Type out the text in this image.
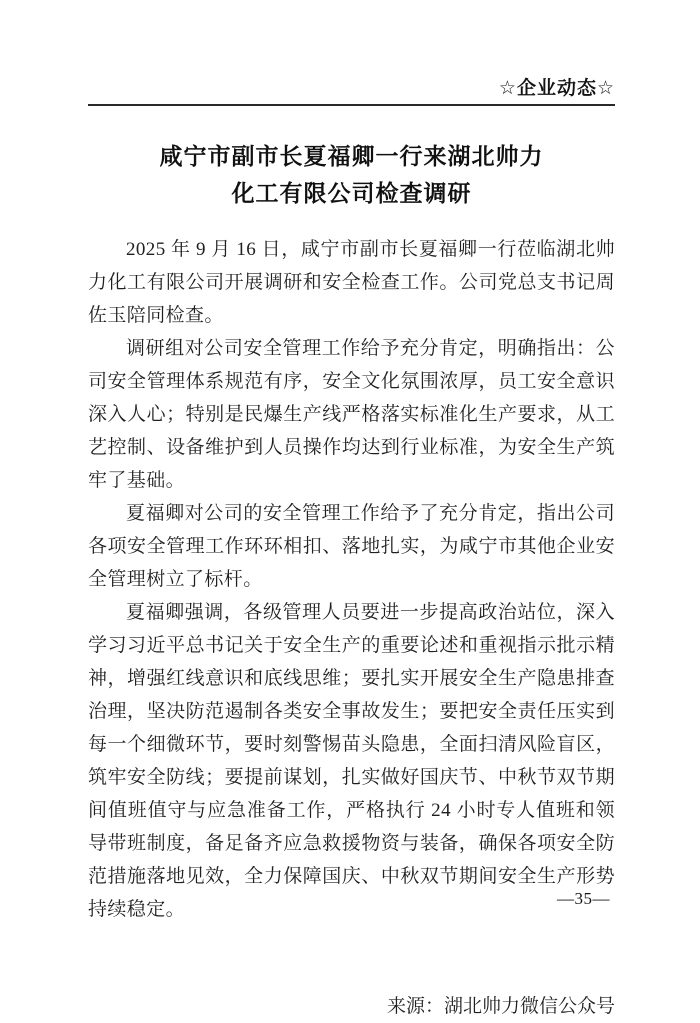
☆企业动态☆
咸宁市副市长夏福卿一行来湖北帅力
化工有限公司检查调研

2025 年 9 月 16 日，咸宁市副市长夏福卿一行莅临湖北帅力化工有限公司开展调研和安全检查工作。公司党总支书记周佐玉陪同检查。

调研组对公司安全管理工作给予充分肯定，明确指出：公司安全管理体系规范有序，安全文化氛围浓厚，员工安全意识深入人心；特别是民爆生产线严格落实标准化生产要求，从工艺控制、设备维护到人员操作均达到行业标准，为安全生产筑牢了基础。

夏福卿对公司的安全管理工作给予了充分肯定，指出公司各项安全管理工作环环相扣、落地扎实，为咸宁市其他企业安全管理树立了标杆。

夏福卿强调，各级管理人员要进一步提高政治站位，深入学习习近平总书记关于安全生产的重要论述和重视指示批示精神，增强红线意识和底线思维；要扎实开展安全生产隐患排查治理，坚决防范遏制各类安全事故发生；要把安全责任压实到每一个细微环节，要时刻警惕苗头隐患，全面扫清风险盲区，筑牢安全防线；要提前谋划，扎实做好国庆节、中秋节双节期间值班值守与应急准备工作，严格执行 24 小时专人值班和领导带班制度，备足备齐应急救援物资与装备，确保各项安全防范措施落地见效，全力保障国庆、中秋双节期间安全生产形势持续稳定。

来源：湖北帅力微信公众号
—35—
